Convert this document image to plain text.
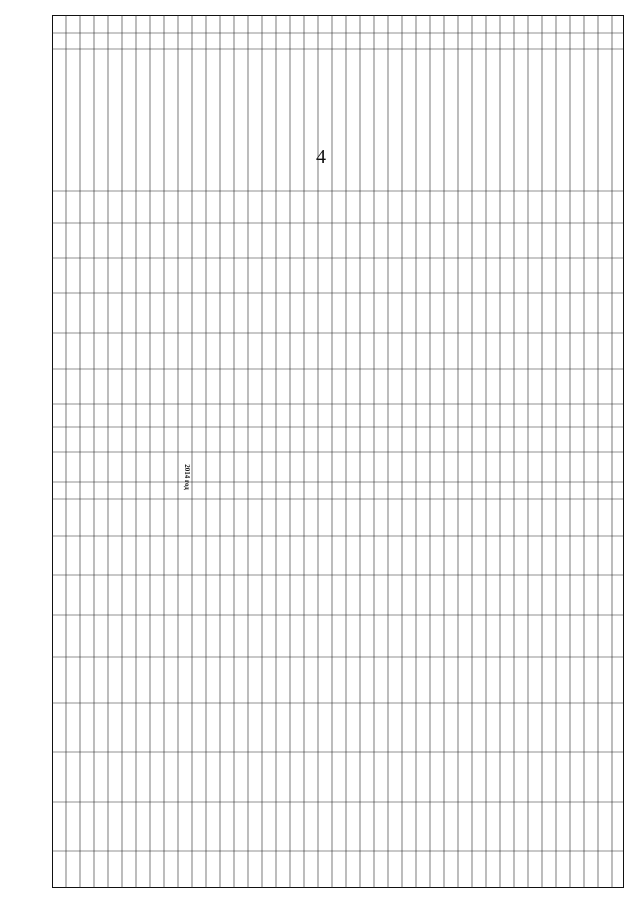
4
2014 год
